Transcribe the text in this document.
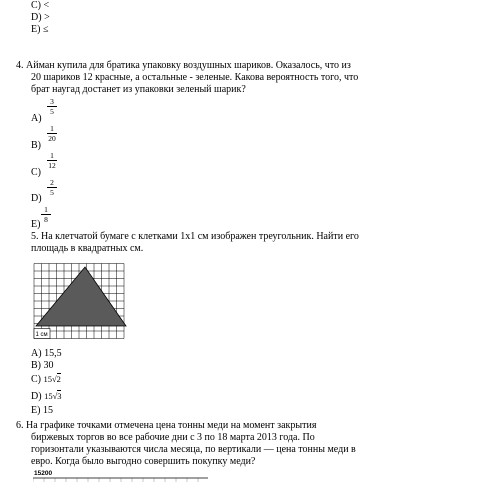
C) <
D) >
E) ≤
4. Айман купила для братика упаковку воздушных шариков. Оказалось, что из
20 шариков 12 красные, а остальные - зеленые. Какова вероятность того, что
брат наугад достанет из упаковки зеленый шарик?
A)
3
5
B)
1
20
C)
1
12
D)
2
5
E)
1
8
5. На клетчатой бумаге с клетками 1x1 см изображен треугольник. Найти его
площадь в квадратных см.
1 см
A) 15,5
B) 30
C) 15√2
D) 15√3
E) 15
6. На графике точками отмечена цена тонны меди на момент закрытия
биржевых торгов во все рабочие дни с 3 по 18 марта 2013 года. По
горизонтали указываются числа месяца, по вертикали — цена тонны меди в
евро. Когда было выгодно совершить покупку меди?
15200
